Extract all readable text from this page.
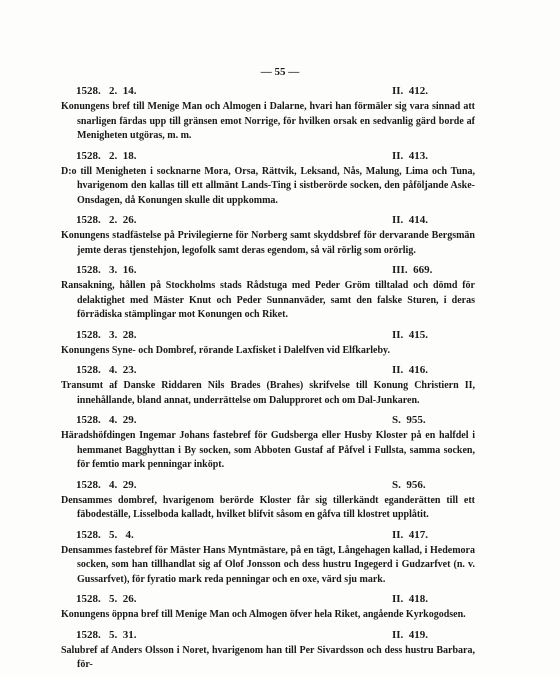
— 55 —
1528.   2.  14.	II.  412.
Konungens bref till Menige Man och Almogen i Dalarne, hvari han förmäler sig vara sinnad att snarligen färdas upp till gränsen emot Norrige, för hvilken orsak en sedvanlig gärd borde af Menigheten utgöras, m. m.
1528.   2.  18.	II.  413.
D:o till Menigheten i socknarne Mora, Orsa, Rättvik, Leksand, Nås, Malung, Lima och Tuna, hvarigenom den kallas till ett allmänt Lands-Ting i sistberörde socken, den påföljande Aske-Onsdagen, då Konungen skulle dit uppkomma.
1528.   2.  26.	II.  414.
Konungens stadfästelse på Privilegierne för Norberg samt skyddsbref för dervarande Bergsmän jemte deras tjenstehjon, legofolk samt deras egendom, så väl rörlig som orörlig.
1528.   3.  16.	III.  669.
Ransakning, hållen på Stockholms stads Rådstuga med Peder Gröm tilltalad och dömd för delaktighet med Mäster Knut och Peder Sunnanväder, samt den falske Sturen, i deras förrädiska stämplingar mot Konungen och Riket.
1528.   3.  28.	II.  415.
Konungens Syne- och Dombref, rörande Laxfisket i Dalelfven vid Elfkarleby.
1528.   4.  23.	II.  416.
Transumt af Danske Riddaren Nils Brades (Brahes) skrifvelse till Konung Christiern II, innehållande, bland annat, underrättelse om Dalupproret och om Dal-Junkaren.
1528.   4.  29.	S.  955.
Häradshöfdingen Ingemar Johans fastebref för Gudsberga eller Husby Kloster på en halfdel i hemmanet Bagghyttan i By socken, som Abboten Gustaf af Påfvel i Fullsta, samma socken, för femtio mark penningar inköpt.
1528.   4.  29.	S.  956.
Densammes dombref, hvarigenom berörde Kloster får sig tillerkändt eganderätten till ett fäbodeställe, Lisselboda kalladt, hvilket blifvit såsom en gåfva till klostret upplåtit.
1528.   5.   4.	II.  417.
Densammes fastebref för Mäster Hans Myntmästare, på en tägt, Långehagen kallad, i Hedemora socken, som han tillhandlat sig af Olof Jonsson och dess hustru Ingegerd i Gudzarfvet (n. v. Gussarfvet), för fyratio mark reda penningar och en oxe, värd sju mark.
1528.   5.  26.	II.  418.
Konungens öppna bref till Menige Man och Almogen öfver hela Riket, angående Kyrkogodsen.
1528.   5.  31.	II.  419.
Salubref af Anders Olsson i Noret, hvarigenom han till Per Sivardsson och dess hustru Barbara, för-
